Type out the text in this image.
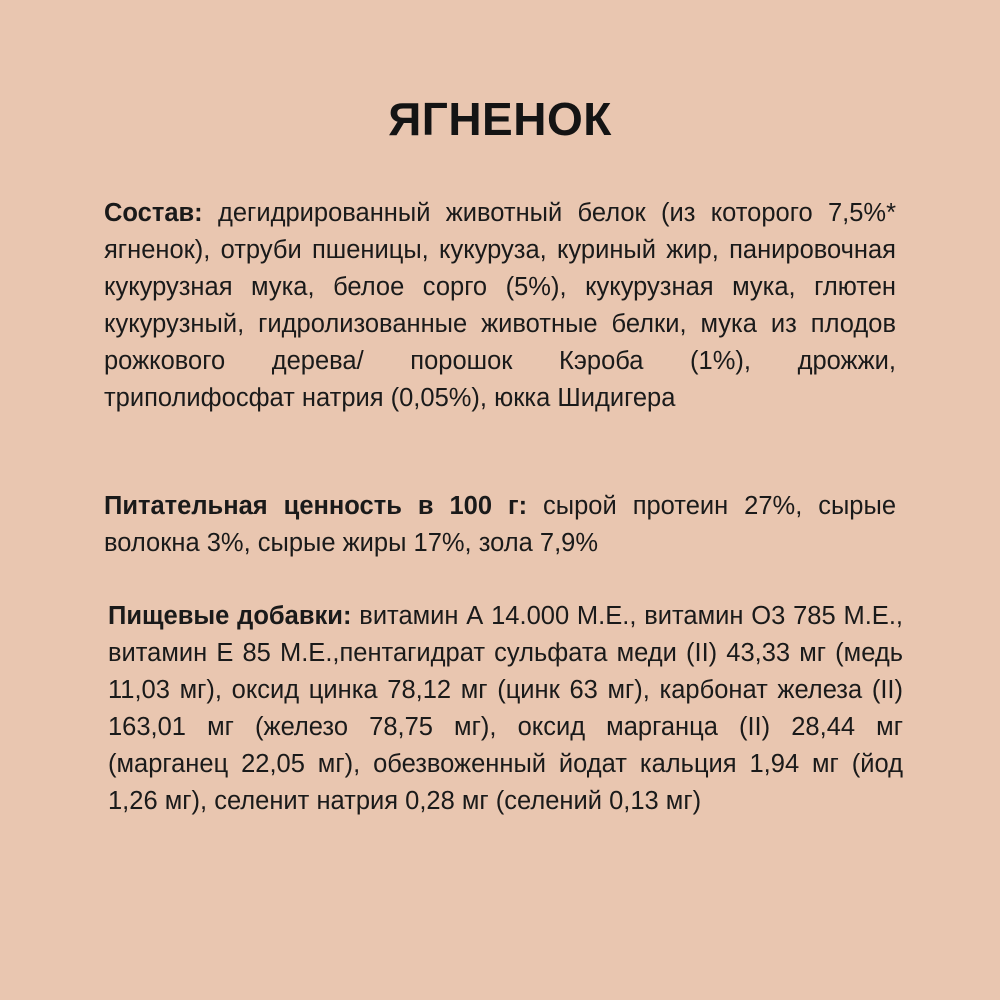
ЯГНЕНОК

Состав: дегидрированный животный белок (из которого 7,5%* ягненок), отруби пшеницы, кукуруза, куриный жир, панировочная кукурузная мука, белое сорго (5%), кукурузная мука, глютен кукурузный, гидролизованные животные белки, мука из плодов рожкового дерева/ порошок Кэроба (1%), дрожжи, триполифосфат натрия (0,05%), юкка Шидигера

Питательная ценность в 100 г: сырой протеин 27%, сырые волокна 3%, сырые жиры 17%, зола 7,9%

Пищевые добавки: витамин А 14.000 М.Е., витамин О3 785 М.Е., витамин Е 85 М.Е.,пентагидрат сульфата меди (II) 43,33 мг (медь 11,03 мг), оксид цинка 78,12 мг (цинк 63 мг), карбонат железа (II) 163,01 мг (железо 78,75 мг), оксид марганца (II) 28,44 мг (марганец 22,05 мг), обезвоженный йодат кальция 1,94 мг (йод 1,26 мг), селенит натрия 0,28 мг (селений 0,13 мг)
